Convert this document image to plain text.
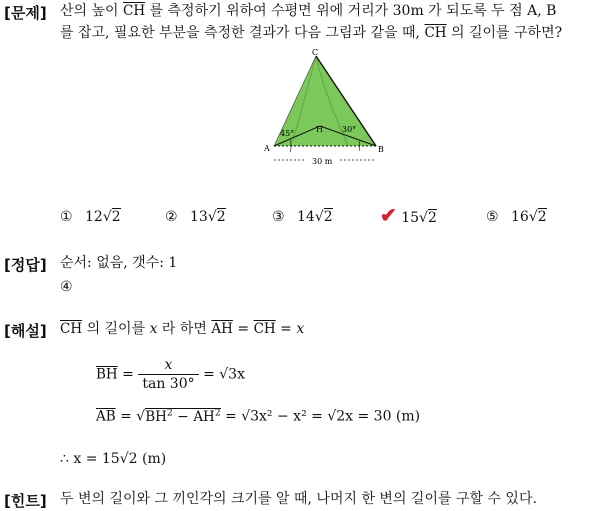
[문제] 산의 높이 $\overline{CH}$ 를 측정하기 위하여 수평면 위에 거리가 30m 가 되도록 두 점 A, B
를 잡고, 필요한 부분을 측정한 결과가 다음 그림과 같을 때, $\overline{CH}$ 의 길이를 구하면?
C
A	B
H
45°	30°
30 m
① 12√2	② 13√2	③ 14√2 ✔ 15√2	⑤ 16√2
[정답] 순서: 없음, 갯수: 1
④
[해설] $\overline{CH}$ 의 길이를 x 라 하면 $\overline{AH} = \overline{CH} = x$
$\overline{BH} = \frac{x}{\tan 30^\circ} = √3x$
$\overline{AB} = √BH^2 - \overline{AH}^2 = √3x^2 - x^2 = √2x = 30$ (m)
∴ x = 15√2 (m)
[힌트] 두 변의 길이와 그 끼인각의 크기를 알 때, 나머지 한 변의 길이를 구할 수 있다.
